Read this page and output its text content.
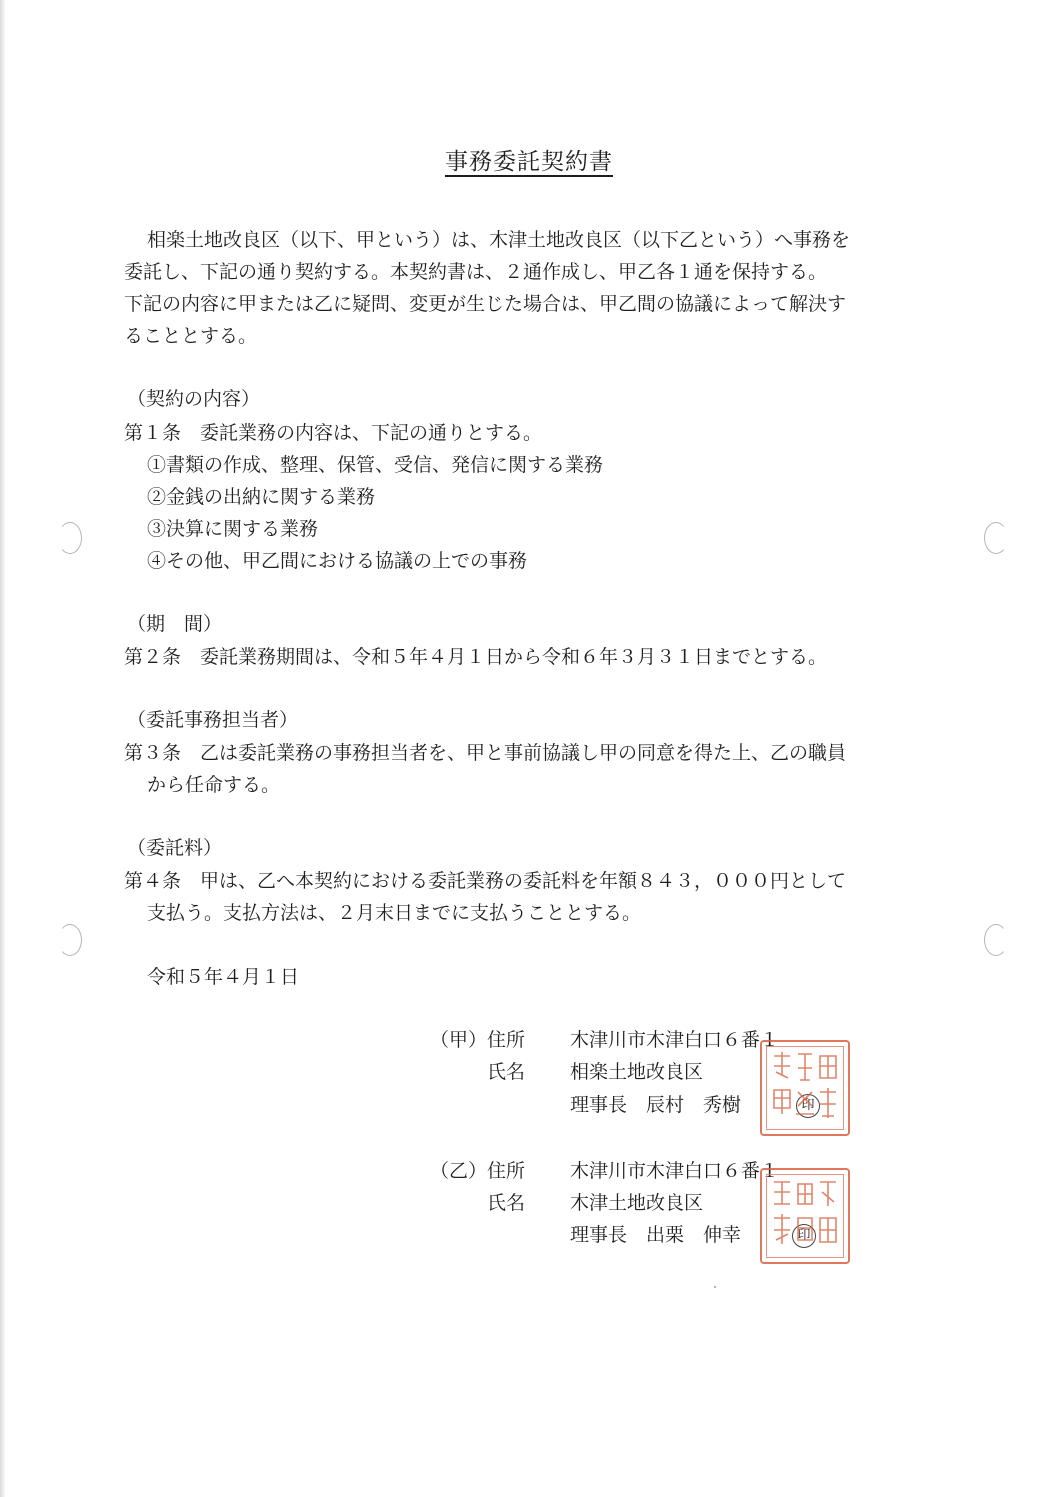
事務委託契約書
相楽土地改良区（以下、甲という）は、木津土地改良区（以下乙という）へ事務を
委託し、下記の通り契約する。本契約書は、２通作成し、甲乙各１通を保持する。
下記の内容に甲または乙に疑問、変更が生じた場合は、甲乙間の協議によって解決す
ることとする。
（契約の内容）
第１条　委託業務の内容は、下記の通りとする。
①書類の作成、整理、保管、受信、発信に関する業務
②金銭の出納に関する業務
③決算に関する業務
④その他、甲乙間における協議の上での事務
（期　間）
第２条　委託業務期間は、令和５年４月１日から令和６年３月３１日までとする。
（委託事務担当者）
第３条　乙は委託業務の事務担当者を、甲と事前協議し甲の同意を得た上、乙の職員
から任命する。
（委託料）
第４条　甲は、乙へ本契約における委託業務の委託料を年額８４３，０００円として
支払う。支払方法は、２月末日までに支払うこととする。
令和５年４月１日
（甲） 住所 木津川市木津白口６番１
氏名 相楽土地改良区
理事長　辰村　秀樹	印
（乙） 住所 木津川市木津白口６番１
氏名 木津土地改良区
理事長　出栗　伸幸	印
